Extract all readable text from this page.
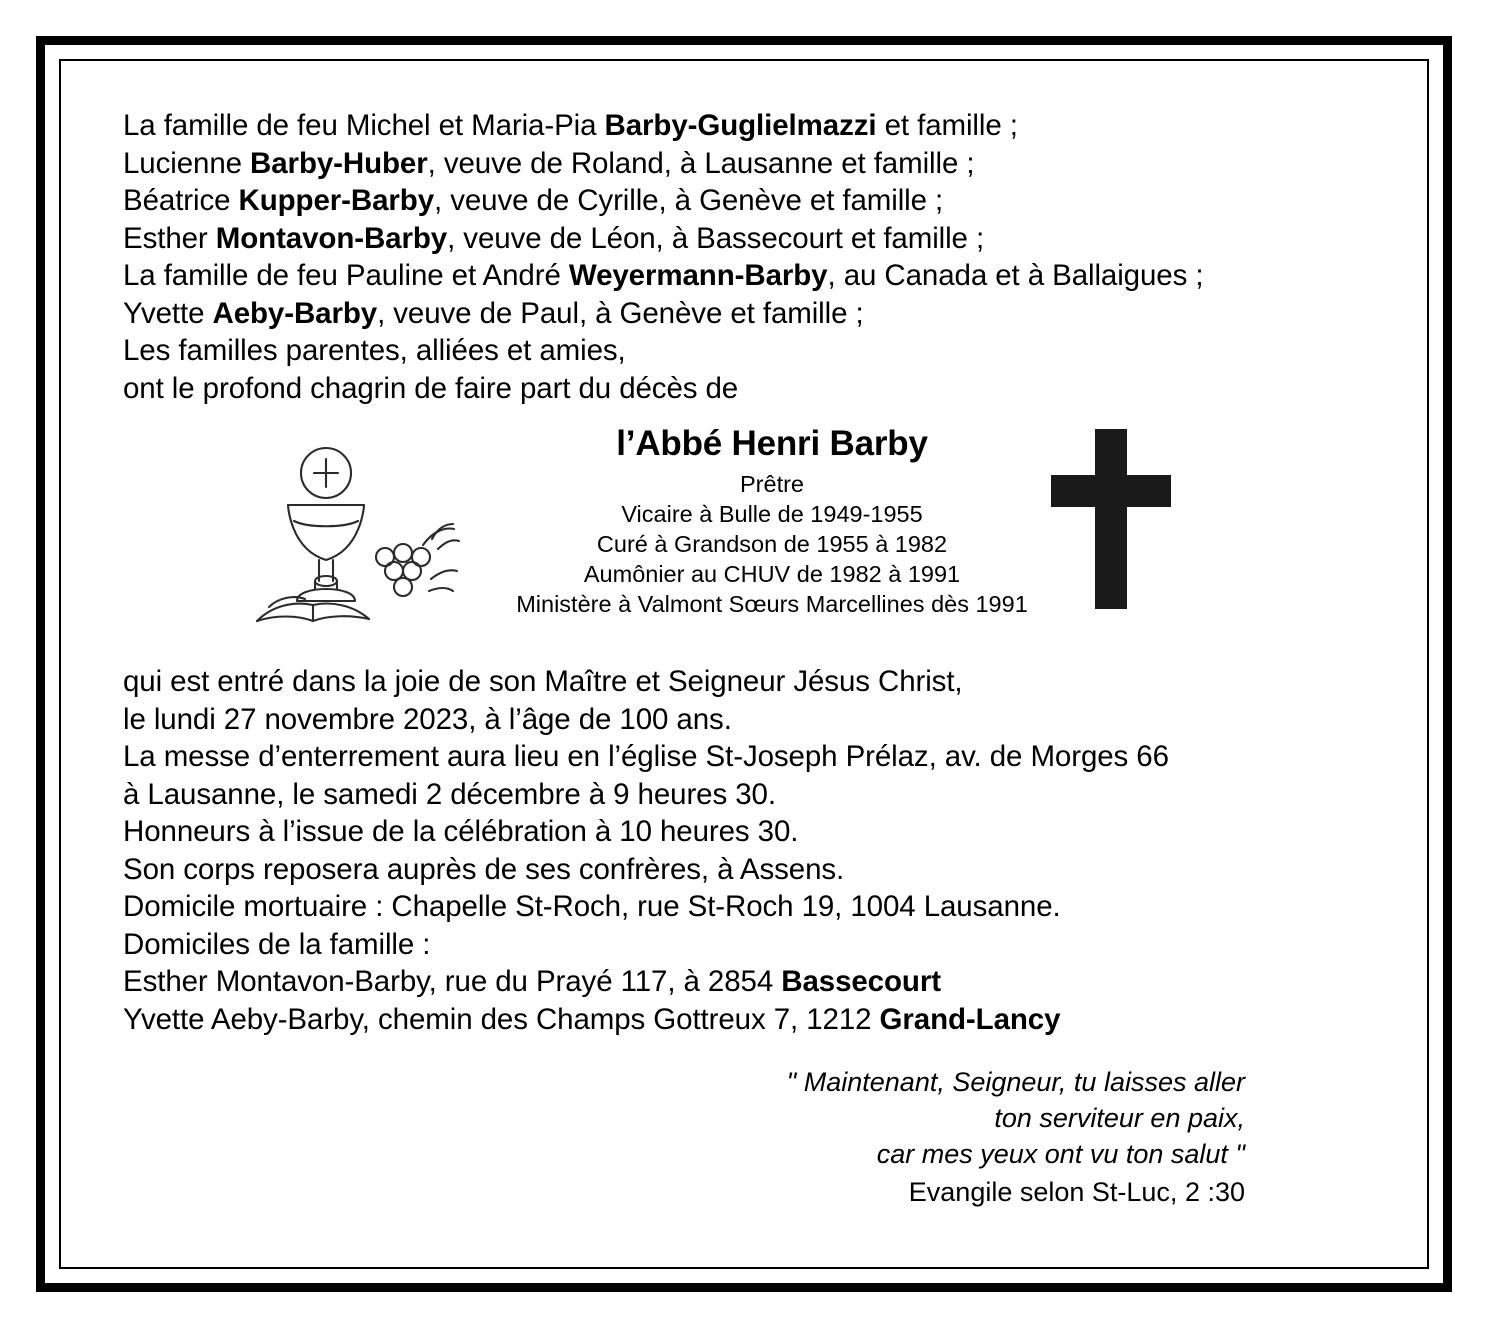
La famille de feu Michel et Maria-Pia Barby-Guglielmazzi et famille ;
Lucienne Barby-Huber, veuve de Roland, à Lausanne et famille ;
Béatrice Kupper-Barby, veuve de Cyrille, à Genève et famille ;
Esther Montavon-Barby, veuve de Léon, à Bassecourt et famille ;
La famille de feu Pauline et André Weyermann-Barby, au Canada et à Ballaigues ;
Yvette Aeby-Barby, veuve de Paul, à Genève et famille ;
Les familles parentes, alliées et amies,
ont le profond chagrin de faire part du décès de
l’Abbé Henri Barby
Prêtre
Vicaire à Bulle de 1949-1955
Curé à Grandson de 1955 à 1982
Aumônier au CHUV de 1982 à 1991
Ministère à Valmont Sœurs Marcellines dès 1991
qui est entré dans la joie de son Maître et Seigneur Jésus Christ,
le lundi 27 novembre 2023, à l’âge de 100 ans.
La messe d’enterrement aura lieu en l’église St-Joseph Prélaz, av. de Morges 66
à Lausanne, le samedi 2 décembre à 9 heures 30.
Honneurs à l’issue de la célébration à 10 heures 30.
Son corps reposera auprès de ses confrères, à Assens.
Domicile mortuaire : Chapelle St-Roch, rue St-Roch 19, 1004 Lausanne.
Domiciles de la famille :
Esther Montavon-Barby, rue du Prayé 117, à 2854 Bassecourt
Yvette Aeby-Barby, chemin des Champs Gottreux 7, 1212 Grand-Lancy
" Maintenant, Seigneur, tu laisses aller
ton serviteur en paix,
car mes yeux ont vu ton salut "
Evangile selon St-Luc, 2 :30
